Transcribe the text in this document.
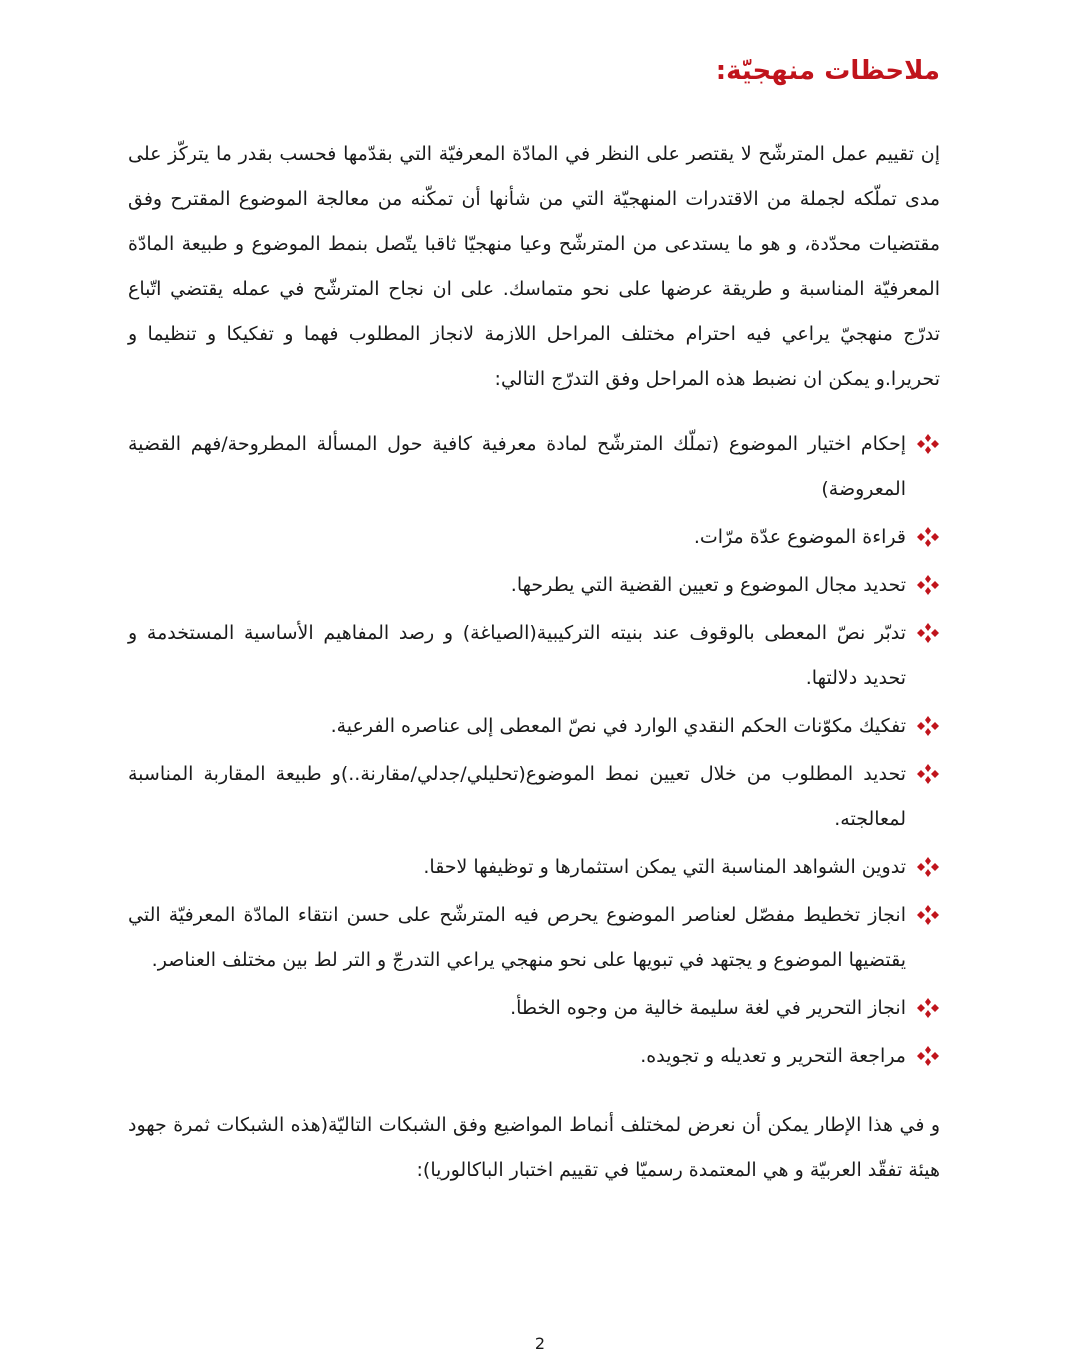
ملاحظات منهجيّة:

إن تقييم عمل المترشّح لا يقتصر على النظر في المادّة المعرفيّة التي بقدّمها فحسب بقدر ما يتركّز على مدى تملّكه لجملة من الاقتدرات المنهجيّة التي من شأنها أن تمكّنه من معالجة الموضوع المقترح وفق مقتضيات محدّدة، و هو ما يستدعى من المترشّح وعيا منهجيّا ثاقبا يتّصل بنمط الموضوع و طبيعة المادّة المعرفيّة المناسبة و طريقة عرضها على نحو متماسك. على ان نجاح المترشّح في عمله يقتضي اتّباع تدرّج منهجيّ يراعي فيه احترام مختلف المراحل اللازمة لانجاز المطلوب فهما و تفكيكا و تنظيما و تحريرا.و يمكن ان نضبط هذه المراحل وفق التدرّج التالي:

إحكام اختيار الموضوع (تملّك المترشّح لمادة معرفية كافية حول المسألة المطروحة/فهم القضية المعروضة)
قراءة الموضوع عدّة مرّات.
تحديد مجال الموضوع و تعيين القضية التي يطرحها.
تدبّر نصّ المعطى بالوقوف عند بنيته التركيبية(الصياغة) و رصد المفاهيم الأساسية المستخدمة و تحديد دلالتها.
تفكيك مكوّنات الحكم النقدي الوارد في نصّ المعطى إلى عناصره الفرعية.
تحديد المطلوب من خلال تعيين نمط الموضوع(تحليلي/جدلي/مقارنة..)و طبيعة المقاربة المناسبة لمعالجته.
تدوين الشواهد المناسبة التي يمكن استثمارها و توظيفها لاحقا.
انجاز تخطيط مفصّل لعناصر الموضوع يحرص فيه المترشّح على حسن انتقاء المادّة المعرفيّة التي يقتضيها الموضوع و يجتهد في تبويها على نحو منهجي يراعي التدرجّ و التر لط بين مختلف العناصر.
انجاز التحرير في لغة سليمة خالية من وجوه الخطأ.
مراجعة التحرير و تعديله و تجويده.

و في هذا الإطار يمكن أن نعرض لمختلف أنماط المواضيع وفق الشبكات التاليّة(هذه الشبكات ثمرة جهود هيئة تفقّد العربيّة و هي المعتمدة رسميّا في تقييم اختبار الباكالوريا):

2
